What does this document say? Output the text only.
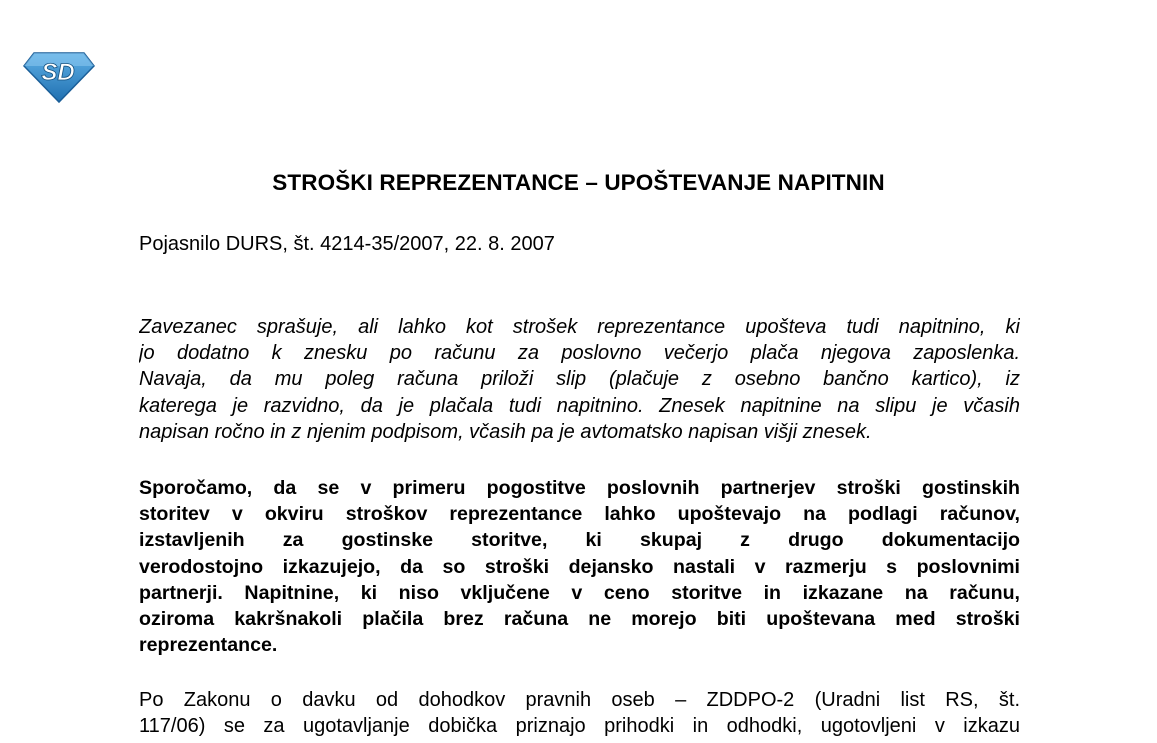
SD
STROŠKI REPREZENTANCE – UPOŠTEVANJE NAPITNIN

Pojasnilo DURS, št. 4214-35/2007, 22. 8. 2007

Zavezanec sprašuje, ali lahko kot strošek reprezentance upošteva tudi napitnino, ki
jo dodatno k znesku po računu za poslovno večerjo plača njegova zaposlenka.
Navaja, da mu poleg računa priloži slip (plačuje z osebno bančno kartico), iz
katerega je razvidno, da je plačala tudi napitnino. Znesek napitnine na slipu je včasih
napisan ročno in z njenim podpisom, včasih pa je avtomatsko napisan višji znesek.
Sporočamo, da se v primeru pogostitve poslovnih partnerjev stroški gostinskih
storitev v okviru stroškov reprezentance lahko upoštevajo na podlagi računov,
izstavljenih za gostinske storitve, ki skupaj z drugo dokumentacijo
verodostojno izkazujejo, da so stroški dejansko nastali v razmerju s poslovnimi
partnerji. Napitnine, ki niso vključene v ceno storitve in izkazane na računu,
oziroma kakršnakoli plačila brez računa ne morejo biti upoštevana med stroški
reprezentance.
Po Zakonu o davku od dohodkov pravnih oseb – ZDDPO-2 (Uradni list RS, št.
117/06) se za ugotavljanje dobička priznajo prihodki in odhodki, ugotovljeni v izkazu
